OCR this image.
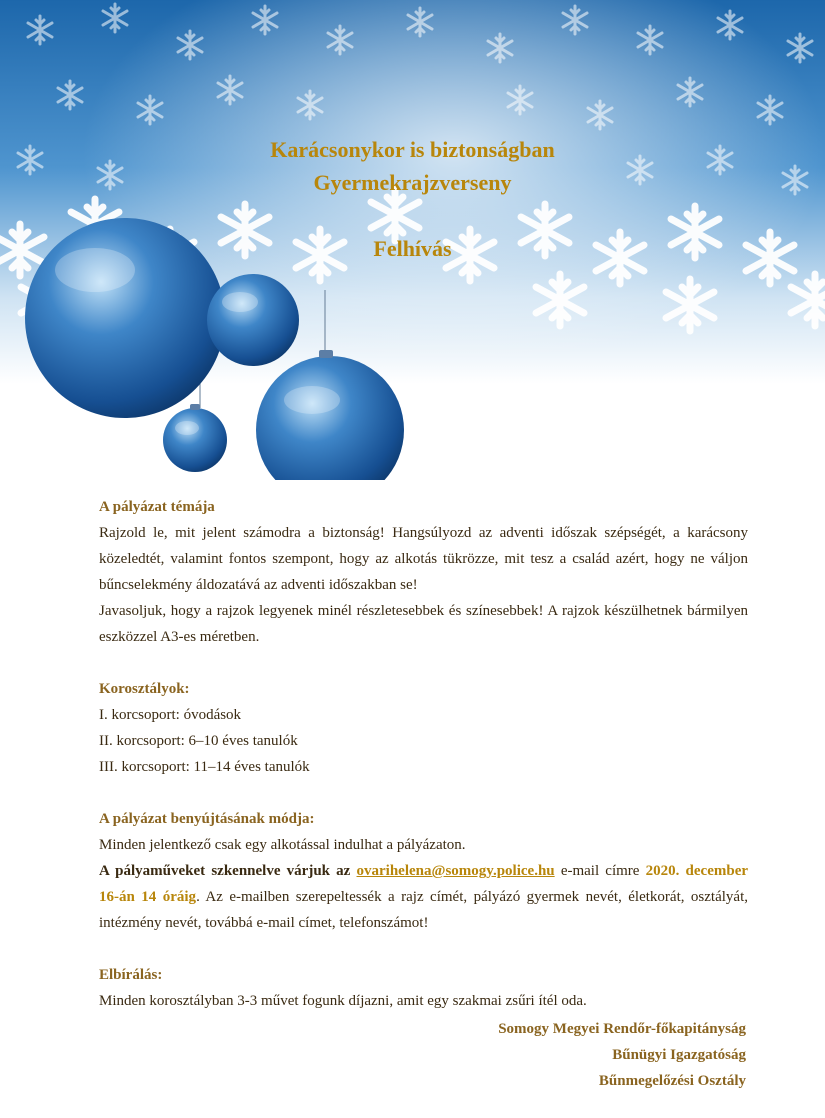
Karácsonykor is biztonságban
Gyermekrajzverseny
Felhívás

A pályázat témája

Rajzold le, mit jelent számodra a biztonság! Hangsúlyozd az adventi időszak szépségét, a karácsony közeledtét, valamint fontos szempont, hogy az alkotás tükrözze, mit tesz a család azért, hogy ne váljon bűncselekmény áldozatává az adventi időszakban se!

Javasoljuk, hogy a rajzok legyenek minél részletesebbek és színesebbek! A rajzok készülhetnek bármilyen eszközzel A3-es méretben.

Korosztályok:

I. korcsoport: óvodások

II. korcsoport: 6–10 éves tanulók

III. korcsoport: 11–14 éves tanulók

A pályázat benyújtásának módja:

Minden jelentkező csak egy alkotással indulhat a pályázaton.

A pályaműveket szkennelve várjuk az ovarihelena@somogy.police.hu e-mail címre 2020. december 16-án 14 óráig. Az e-mailben szerepeltessék a rajz címét, pályázó gyermek nevét, életkorát, osztályát, intézmény nevét, továbbá e-mail címet, telefonszámot!

Elbírálás:

Minden korosztályban 3-3 művet fogunk díjazni, amit egy szakmai zsűri ítél oda.

Somogy Megyei Rendőr-főkapitányság
Bűnügyi Igazgatóság
Bűnmegelőzési Osztály
